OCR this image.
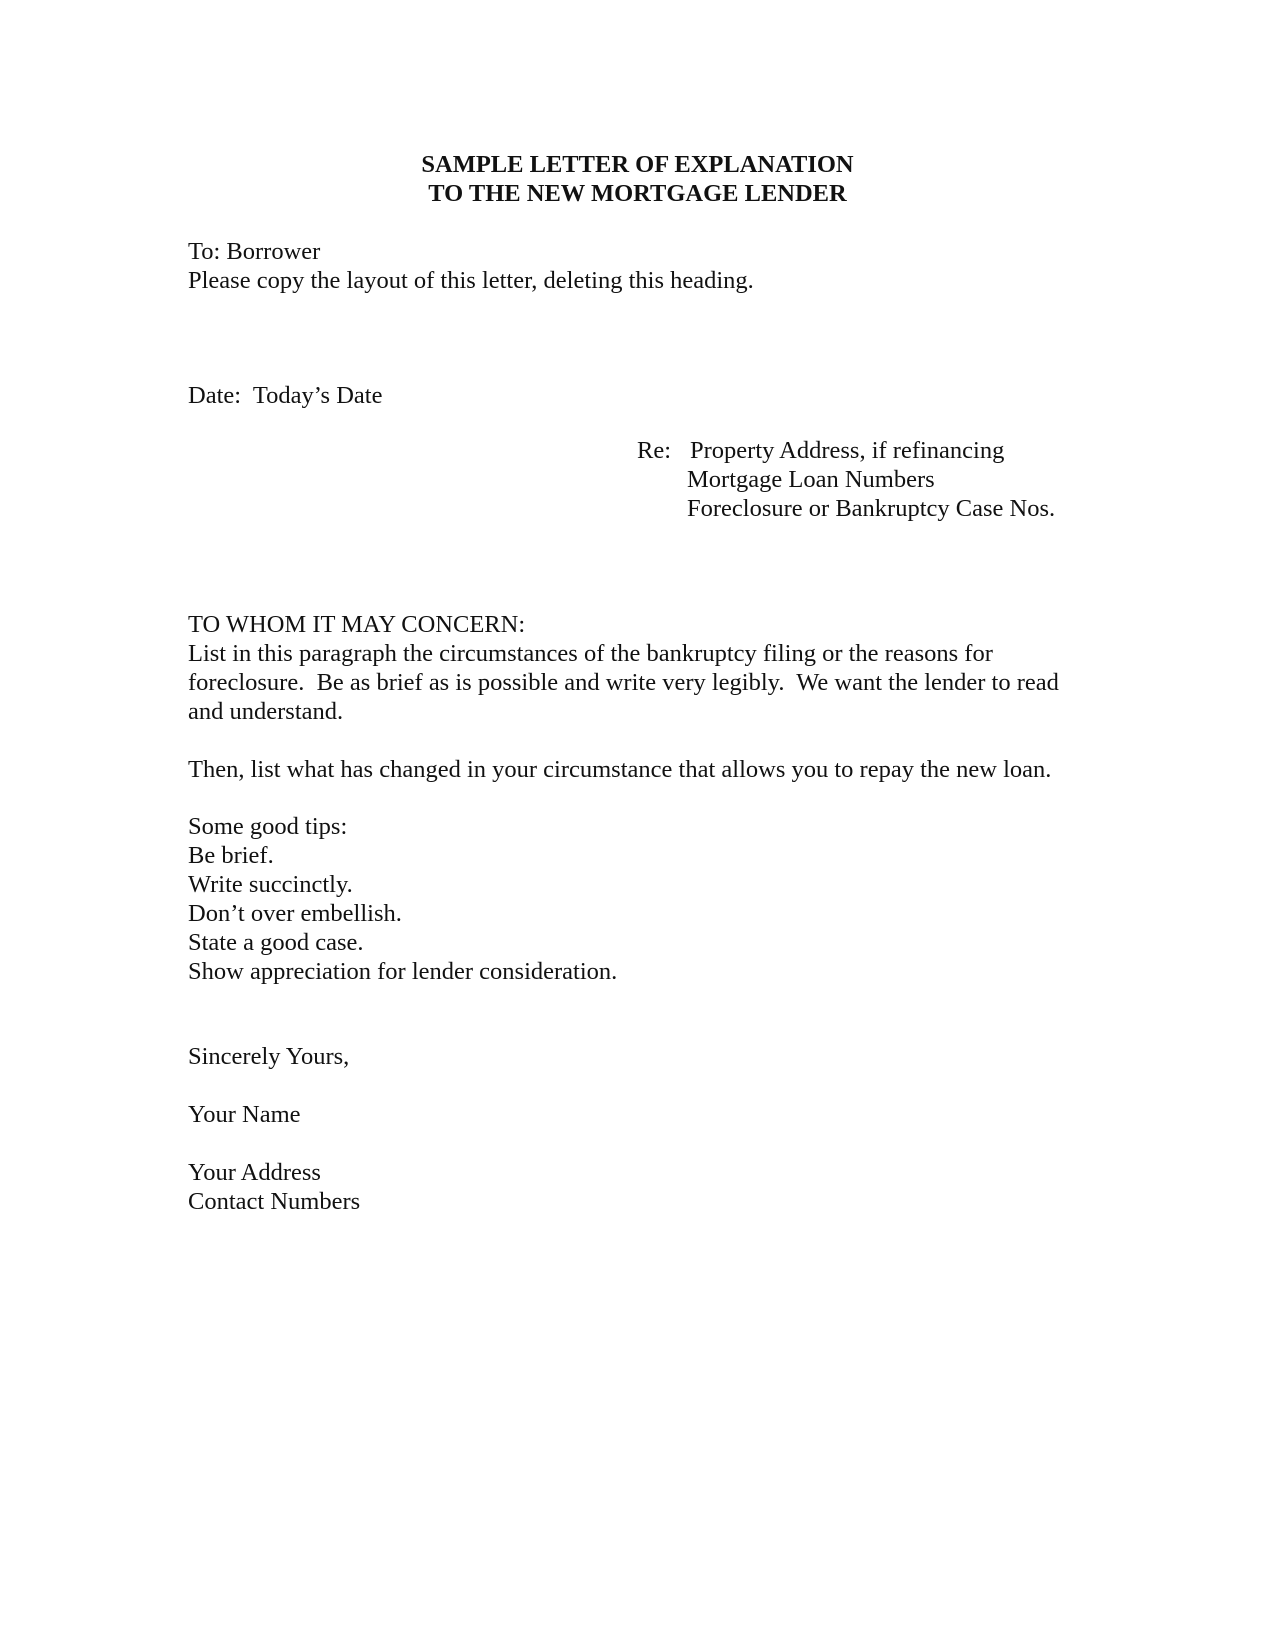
SAMPLE LETTER OF EXPLANATION
TO THE NEW MORTGAGE LENDER
To: Borrower
Please copy the layout of this letter, deleting this heading.
Date:  Today’s Date
Re: Property Address, if refinancing
Mortgage Loan Numbers
Foreclosure or Bankruptcy Case Nos.
TO WHOM IT MAY CONCERN:
List in this paragraph the circumstances of the bankruptcy filing or the reasons for
foreclosure.  Be as brief as is possible and write very legibly.  We want the lender to read
and understand.
Then, list what has changed in your circumstance that allows you to repay the new loan.
Some good tips:
Be brief.
Write succinctly.
Don’t over embellish.
State a good case.
Show appreciation for lender consideration.
Sincerely Yours,
Your Name
Your Address
Contact Numbers
